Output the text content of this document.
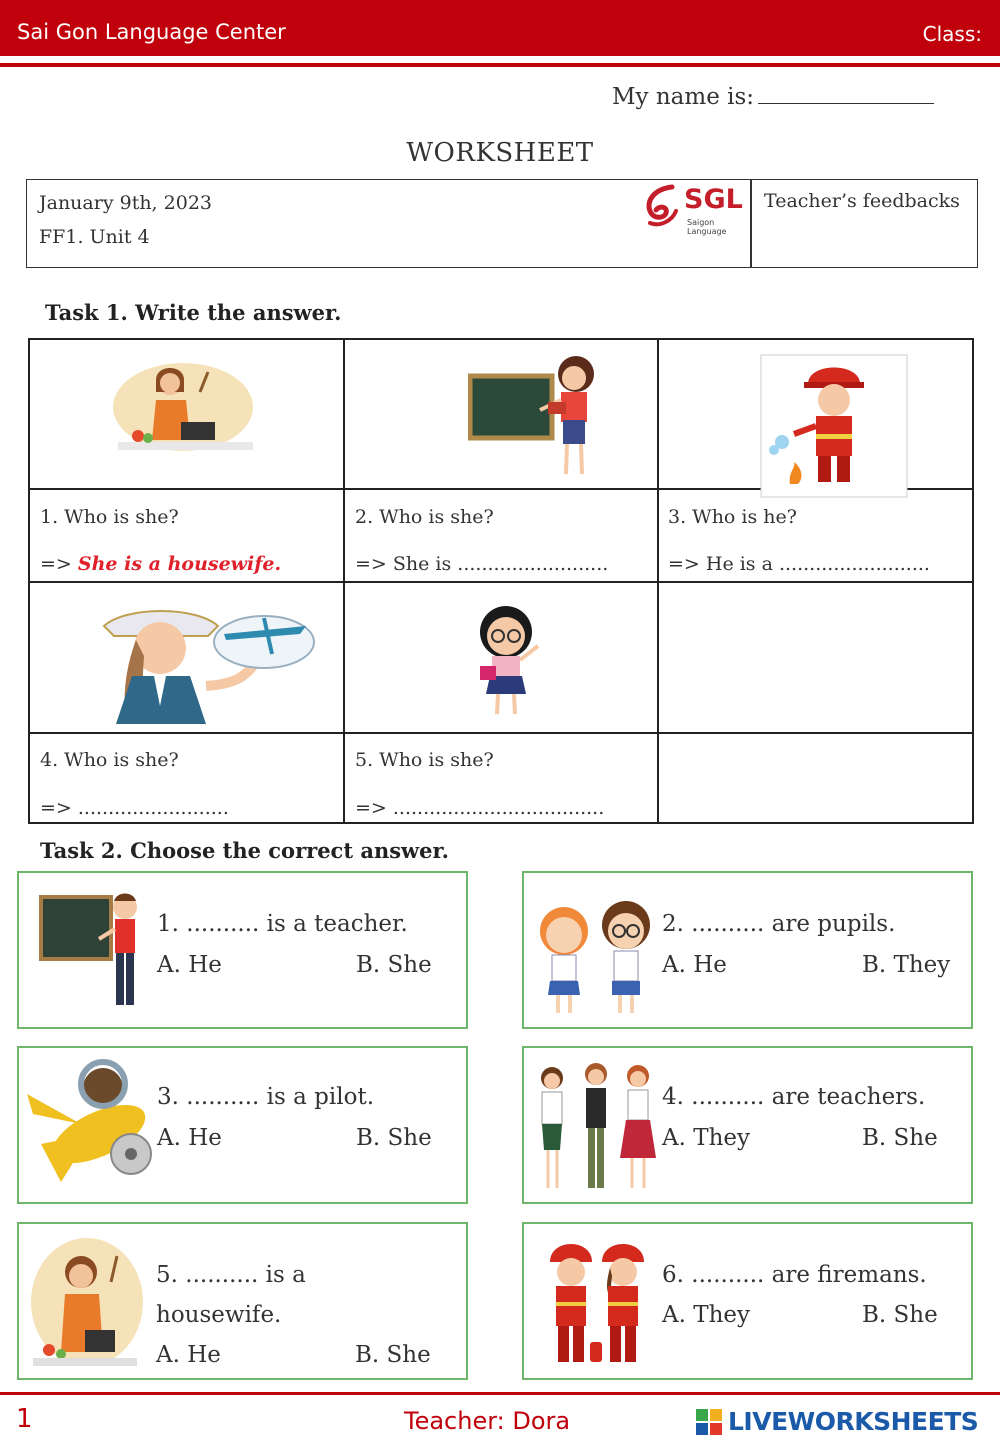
Sai Gon Language Center	Class:
My name is:
WORKSHEET
January 9th, 2023
FF1. Unit 4
SGL
Saigon Language
Teacher’s feedbacks
Task 1. Write the answer.
1. Who is she?
=> She is a housewife.
2. Who is she?
=> She is .........................
3. Who is he?
=> He is a .........................
4. Who is she?
=> .........................
5. Who is she?
=> ...................................
Task 2. Choose the correct answer.
1. .......... is a teacher.
A. He	B. She
2. .......... are pupils.
A. He	B. They
3. .......... is a pilot.
A. He	B. She
4. .......... are teachers.
A. They	B. She
5. .......... is a
housewife.
A. He	B. She
6. .......... are firemans.
A. They	B. She
1	Teacher: Dora	LIVEWORKSHEETS
